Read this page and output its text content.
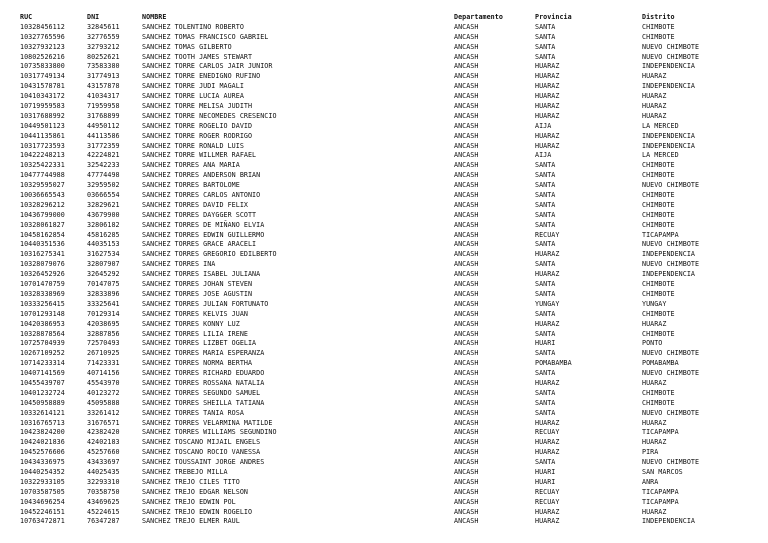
RUC	DNI	NOMBRE	Departamento	Provincia	Distrito
10328456112	32845611	SANCHEZ TOLENTINO ROBERTO	ANCASH	SANTA	CHIMBOTE
10327765596	32776559	SANCHEZ TOMAS FRANCISCO GABRIEL	ANCASH	SANTA	CHIMBOTE
10327932123	32793212	SANCHEZ TOMAS GILBERTO	ANCASH	SANTA	NUEVO CHIMBOTE
10802526216	80252621	SANCHEZ TOOTH JAMES STEWART	ANCASH	SANTA	NUEVO CHIMBOTE
10735833800	73583380	SANCHEZ TORRE CARLOS JAIR JUNIOR	ANCASH	HUARAZ	INDEPENDENCIA
10317749134	31774913	SANCHEZ TORRE ENEDIGNO RUFINO	ANCASH	HUARAZ	HUARAZ
10431578781	43157878	SANCHEZ TORRE JUDI MAGALI	ANCASH	HUARAZ	INDEPENDENCIA
10410343172	41034317	SANCHEZ TORRE LUCIA AUREA	ANCASH	HUARAZ	HUARAZ
10719959583	71959958	SANCHEZ TORRE MELISA JUDITH	ANCASH	HUARAZ	HUARAZ
10317688992	31768899	SANCHEZ TORRE NECOMEDES CRESENCIO	ANCASH	HUARAZ	HUARAZ
10449501123	44950112	SANCHEZ TORRE ROGELIO DAVID	ANCASH	AIJA	LA MERCED
10441135861	44113586	SANCHEZ TORRE ROGER RODRIGO	ANCASH	HUARAZ	INDEPENDENCIA
10317723593	31772359	SANCHEZ TORRE RONALD LUIS	ANCASH	HUARAZ	INDEPENDENCIA
10422248213	42224821	SANCHEZ TORRE WILLMER RAFAEL	ANCASH	AIJA	LA MERCED
10325422331	32542233	SANCHEZ TORRES ANA MARIA	ANCASH	SANTA	CHIMBOTE
10477744988	47774498	SANCHEZ TORRES ANDERSON BRIAN	ANCASH	SANTA	CHIMBOTE
10329595027	32959502	SANCHEZ TORRES BARTOLOME	ANCASH	SANTA	NUEVO CHIMBOTE
10036665543	03666554	SANCHEZ TORRES CARLOS ANTONIO	ANCASH	SANTA	CHIMBOTE
10328296212	32829621	SANCHEZ TORRES DAVID FELIX	ANCASH	SANTA	CHIMBOTE
10436799000	43679900	SANCHEZ TORRES DAYGGER SCOTT	ANCASH	SANTA	CHIMBOTE
10328061827	32806182	SANCHEZ TORRES DE MIÑANO ELVIA	ANCASH	SANTA	CHIMBOTE
10458162854	45816285	SANCHEZ TORRES EDWIN GUILLERMO	ANCASH	RECUAY	TICAPAMPA
10440351536	44035153	SANCHEZ TORRES GRACE ARACELI	ANCASH	SANTA	NUEVO CHIMBOTE
10316275341	31627534	SANCHEZ TORRES GREGORIO EDILBERTO	ANCASH	HUARAZ	INDEPENDENCIA
10328079076	32807907	SANCHEZ TORRES INA	ANCASH	SANTA	NUEVO CHIMBOTE
10326452926	32645292	SANCHEZ TORRES ISABEL JULIANA	ANCASH	HUARAZ	INDEPENDENCIA
10701470759	70147075	SANCHEZ TORRES JOHAN STEVEN	ANCASH	SANTA	CHIMBOTE
10328338969	32833896	SANCHEZ TORRES JOSE AGUSTIN	ANCASH	SANTA	CHIMBOTE
10333256415	33325641	SANCHEZ TORRES JULIAN FORTUNATO	ANCASH	YUNGAY	YUNGAY
10701293148	70129314	SANCHEZ TORRES KELVIS JUAN	ANCASH	SANTA	CHIMBOTE
10420386953	42038695	SANCHEZ TORRES KONNY LUZ	ANCASH	HUARAZ	HUARAZ
10328878564	32887856	SANCHEZ TORRES LILIA IRENE	ANCASH	SANTA	CHIMBOTE
10725704939	72570493	SANCHEZ TORRES LIZBET OGELIA	ANCASH	HUARI	PONTO
10267109252	26710925	SANCHEZ TORRES MARIA ESPERANZA	ANCASH	SANTA	NUEVO CHIMBOTE
10714233314	71423331	SANCHEZ TORRES NORMA BERTHA	ANCASH	POMABAMBA	POMABAMBA
10407141569	40714156	SANCHEZ TORRES RICHARD EDUARDO	ANCASH	SANTA	NUEVO CHIMBOTE
10455439707	45543970	SANCHEZ TORRES ROSSANA NATALIA	ANCASH	HUARAZ	HUARAZ
10401232724	40123272	SANCHEZ TORRES SEGUNDO SAMUEL	ANCASH	SANTA	CHIMBOTE
10450958889	45095888	SANCHEZ TORRES SHEILLA TATIANA	ANCASH	SANTA	CHIMBOTE
10332614121	33261412	SANCHEZ TORRES TANIA ROSA	ANCASH	SANTA	NUEVO CHIMBOTE
10316765713	31676571	SANCHEZ TORRES VELARMINA MATILDE	ANCASH	HUARAZ	HUARAZ
10423824200	42382420	SANCHEZ TORRES WILLIAMS SEGUNDINO	ANCASH	RECUAY	TICAPAMPA
10424021836	42402183	SANCHEZ TOSCANO MIJAIL ENGELS	ANCASH	HUARAZ	HUARAZ
10452576606	45257660	SANCHEZ TOSCANO ROCIO VANESSA	ANCASH	HUARAZ	PIRA
10434336975	43433697	SANCHEZ TOUSSAINT JORGE ANDRES	ANCASH	SANTA	NUEVO CHIMBOTE
10440254352	44025435	SANCHEZ TREBEJO MILLA	ANCASH	HUARI	SAN MARCOS
10322933105	32293310	SANCHEZ TREJO CILES TITO	ANCASH	HUARI	ANRA
10703587505	70358750	SANCHEZ TREJO EDGAR NELSON	ANCASH	RECUAY	TICAPAMPA
10434696254	43469625	SANCHEZ TREJO EDWIN POL	ANCASH	RECUAY	TICAPAMPA
10452246151	45224615	SANCHEZ TREJO EDWIN ROGELIO	ANCASH	HUARAZ	HUARAZ
10763472871	76347287	SANCHEZ TREJO ELMER RAUL	ANCASH	HUARAZ	INDEPENDENCIA
